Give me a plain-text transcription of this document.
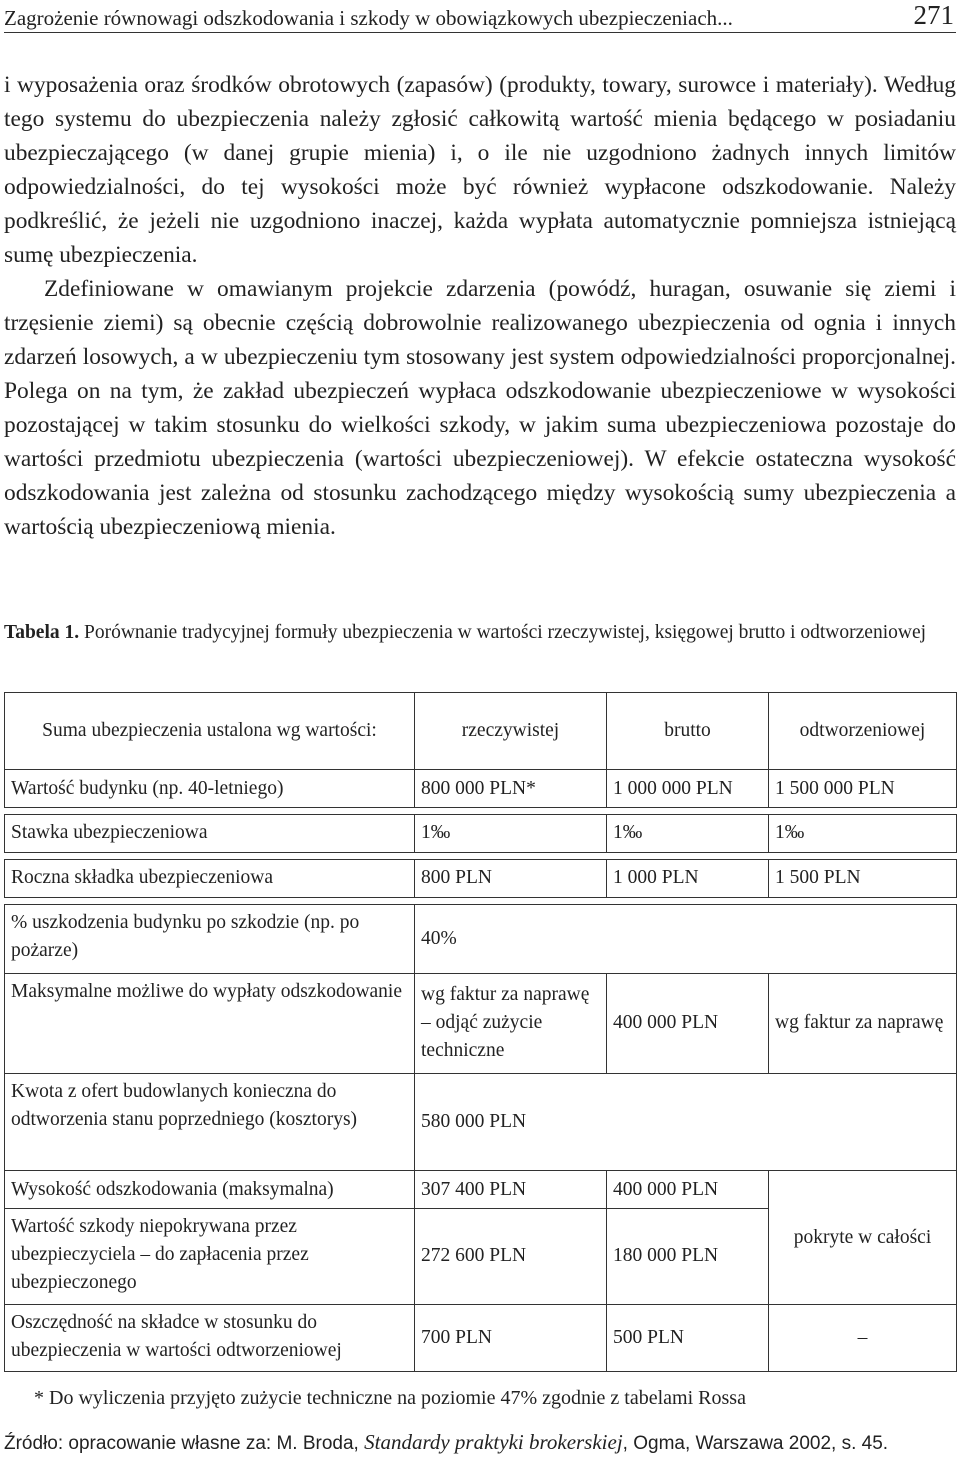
Zagrożenie równowagi odszkodowania i szkody w obowiązkowych ubezpieczeniach...	271

i wyposażenia oraz środków obrotowych (zapasów) (produkty, towary, surowce i materiały). Według tego systemu do ubezpieczenia należy zgłosić całkowitą wartość mienia będącego w posiadaniu ubezpieczającego (w danej grupie mienia) i, o ile nie uzgodniono żadnych innych limitów odpowiedzialności, do tej wysokości może być również wypłacone odszkodowanie. Należy podkreślić, że jeżeli nie uzgodniono inaczej, każda wypłata automatycznie pomniejsza istniejącą sumę ubezpieczenia.

Zdefiniowane w omawianym projekcie zdarzenia (powódź, huragan, osuwanie się ziemi i trzęsienie ziemi) są obecnie częścią dobrowolnie realizowanego ubezpieczenia od ognia i innych zdarzeń losowych, a w ubezpieczeniu tym stosowany jest system odpowiedzialności proporcjonalnej. Polega on na tym, że zakład ubezpieczeń wypłaca odszkodowanie ubezpieczeniowe w wysokości pozostającej w takim stosunku do wielkości szkody, w jakim suma ubezpieczeniowa pozostaje do wartości przedmiotu ubezpieczenia (wartości ubezpieczeniowej). W efekcie ostateczna wysokość odszkodowania jest zależna od stosunku zachodzącego między wysokością sumy ubezpieczenia a wartością ubezpieczeniową mienia.

Tabela 1. Porównanie tradycyjnej formuły ubezpieczenia w wartości rzeczywistej, księgowej brutto i odtworzeniowej
Suma ubezpieczenia ustalona wg wartości:	rzeczywistej	brutto	odtworzeniowej
Wartość budynku (np. 40-letniego)	800 000 PLN*	1 000 000 PLN	1 500 000 PLN

Stawka ubezpieczeniowa	1‰	1‰	1‰

Roczna składka ubezpieczeniowa	800 PLN	1 000 PLN	1 500 PLN

% uszkodzenia budynku po szkodzie (np. po pożarze)	40%		
Maksymalne możliwe do wypłaty odszkodowanie	wg faktur za naprawę – odjąć zużycie techniczne	400 000 PLN	wg faktur za naprawę
Kwota z ofert budowlanych konieczna do odtworzenia stanu poprzedniego (kosztorys)	580 000 PLN		
Wysokość odszkodowania (maksymalna)	307 400 PLN	400 000 PLN	pokryte w całości
Wartość szkody niepokrywana przez ubezpieczyciela – do zapłacenia przez ubezpieczonego	272 600 PLN	180 000 PLN	
Oszczędność na składce w stosunku do ubezpieczenia w wartości odtworzeniowej	700 PLN	500 PLN	–
* Do wyliczenia przyjęto zużycie techniczne na poziomie 47% zgodnie z tabelami Rossa
Źródło: opracowanie własne za: M. Broda, Standardy praktyki brokerskiej, Ogma, Warszawa 2002, s. 45.
